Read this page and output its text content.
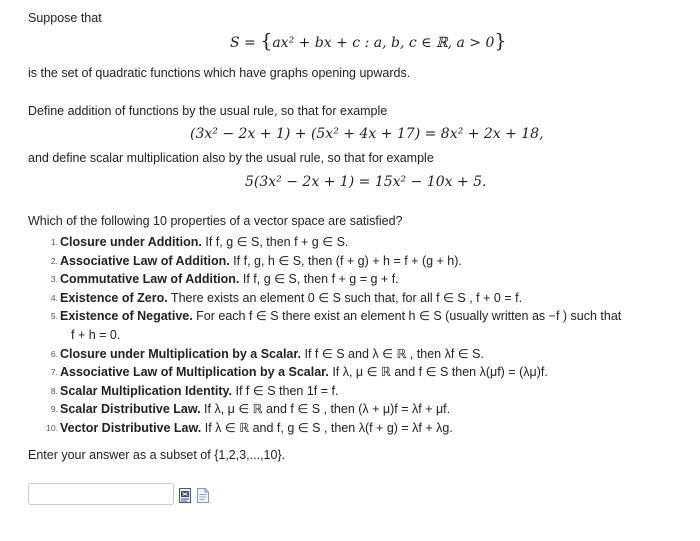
Suppose that
S = {ax² + bx + c : a, b, c ∈ ℝ, a > 0}
is the set of quadratic functions which have graphs opening upwards.
Define addition of functions by the usual rule, so that for example
(3x² − 2x + 1) + (5x² + 4x + 17) = 8x² + 2x + 18,
and define scalar multiplication also by the usual rule, so that for example
5(3x² − 2x + 1) = 15x² − 10x + 5.
Which of the following 10 properties of a vector space are satisfied?
1. Closure under Addition. If f, g ∈ S, then f + g ∈ S.
2. Associative Law of Addition. If f, g, h ∈ S, then (f + g) + h = f + (g + h).
3. Commutative Law of Addition. If f, g ∈ S, then f + g = g + f.
4. Existence of Zero. There exists an element 0 ∈ S such that, for all f ∈ S , f + 0 = f.
5. Existence of Negative. For each f ∈ S there exist an element h ∈ S (usually written as −f ) such that
f + h = 0.
6. Closure under Multiplication by a Scalar. If f ∈ S and λ ∈ ℝ , then λf ∈ S.
7. Associative Law of Multiplication by a Scalar. If λ, μ ∈ ℝ and f ∈ S then λ(μf) = (λμ)f.
8. Scalar Multiplication Identity. If f ∈ S then 1f = f.
9. Scalar Distributive Law. If λ, μ ∈ ℝ and f ∈ S , then (λ + μ)f = λf + μf.
10. Vector Distributive Law. If λ ∈ ℝ and f, g ∈ S , then λ(f + g) = λf + λg.
Enter your answer as a subset of {1,2,3,...,10}.
